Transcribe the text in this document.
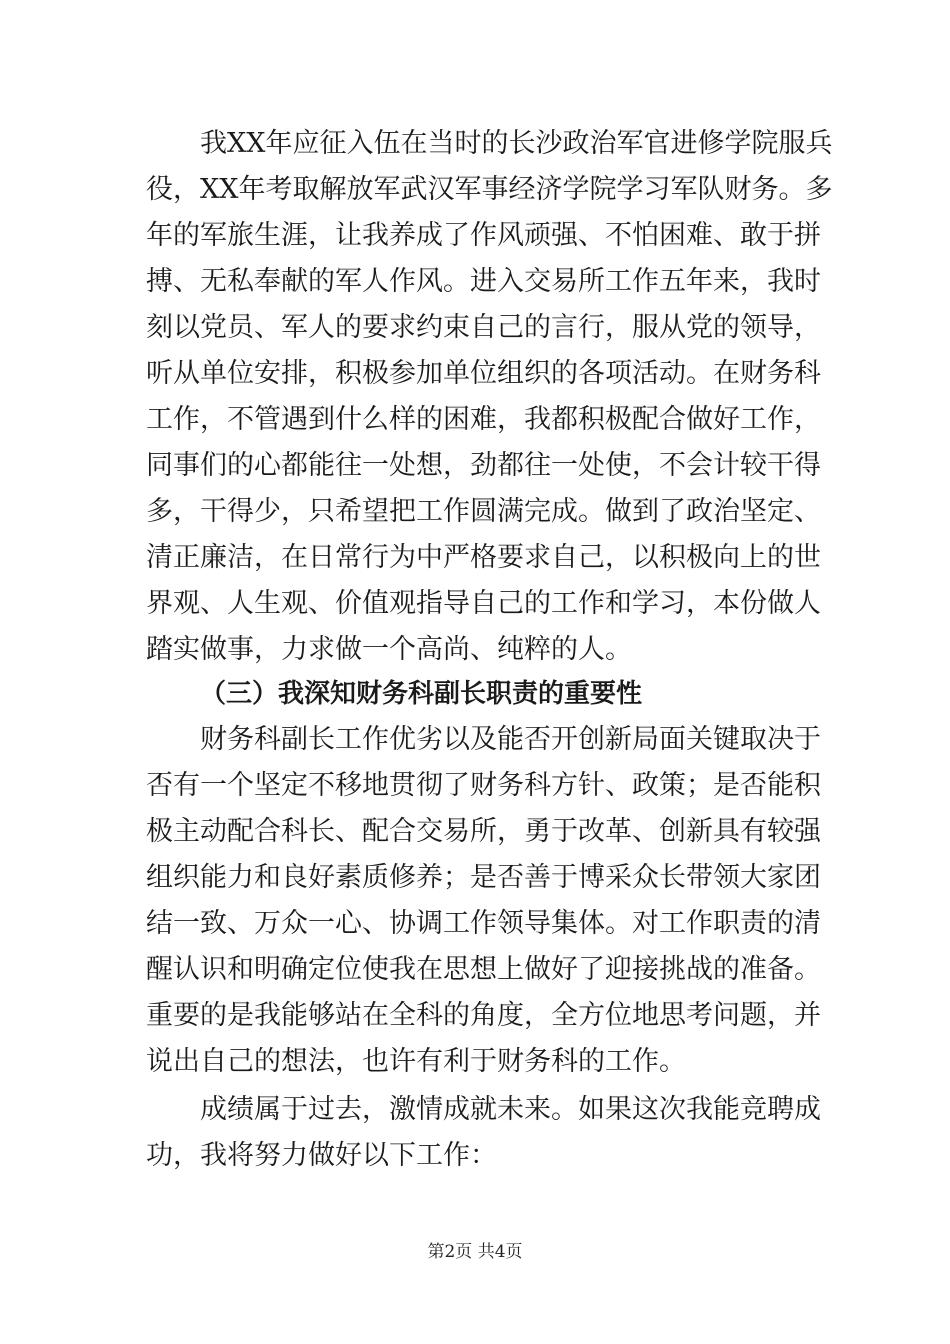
我XX年应征入伍在当时的长沙政治军官进修学院服兵
役，XX年考取解放军武汉军事经济学院学习军队财务。多
年的军旅生涯，让我养成了作风顽强、不怕困难、敢于拼
搏、无私奉献的军人作风。进入交易所工作五年来，我时
刻以党员、军人的要求约束自己的言行，服从党的领导，
听从单位安排，积极参加单位组织的各项活动。在财务科
工作，不管遇到什么样的困难，我都积极配合做好工作，
同事们的心都能往一处想，劲都往一处使，不会计较干得
多，干得少，只希望把工作圆满完成。做到了政治坚定、
清正廉洁，在日常行为中严格要求自己，以积极向上的世
界观、人生观、价值观指导自己的工作和学习，本份做人
踏实做事，力求做一个高尚、纯粹的人。
（三）我深知财务科副长职责的重要性
财务科副长工作优劣以及能否开创新局面关键取决于
否有一个坚定不移地贯彻了财务科方针、政策；是否能积
极主动配合科长、配合交易所，勇于改革、创新具有较强
组织能力和良好素质修养；是否善于博采众长带领大家团
结一致、万众一心、协调工作领导集体。对工作职责的清
醒认识和明确定位使我在思想上做好了迎接挑战的准备。
重要的是我能够站在全科的角度，全方位地思考问题，并
说出自己的想法，也许有利于财务科的工作。
成绩属于过去，激情成就未来。如果这次我能竞聘成
功，我将努力做好以下工作：
第2页 共4页
